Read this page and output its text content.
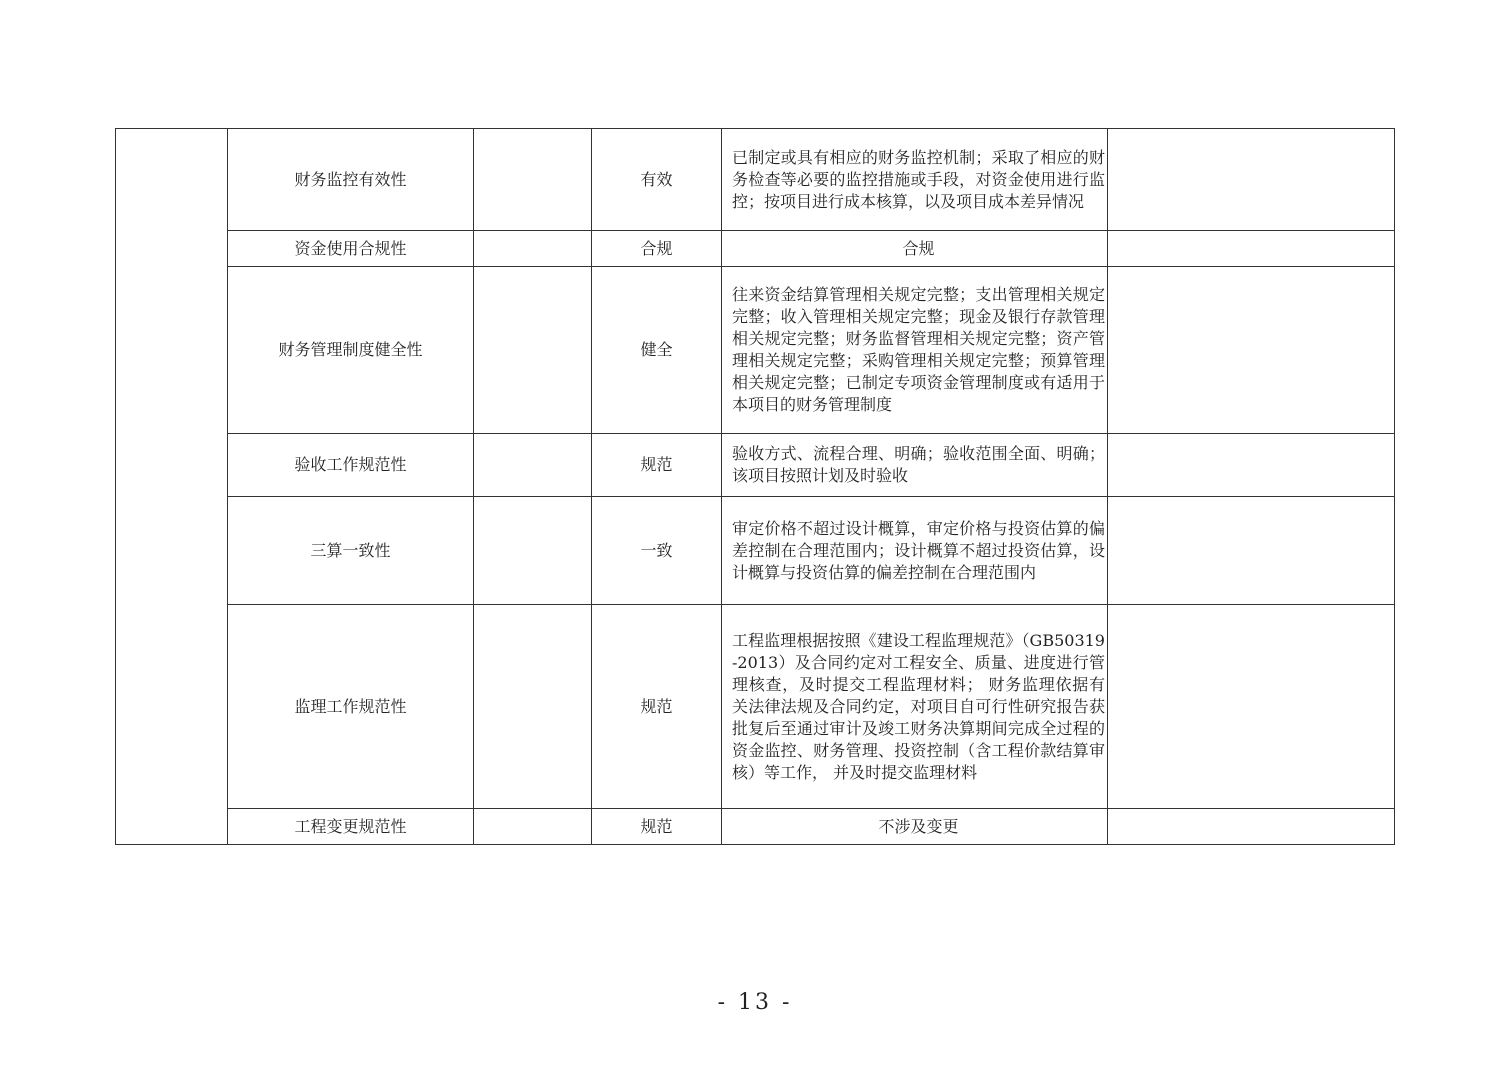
	财务监控有效性		有效	已制定或具有相应的财务监控机制；采取了相应的财务检查等必要的监控措施或手段，对资金使用进行监控；按项目进行成本核算，以及项目成本差异情况	
	资金使用合规性		合规	合规	
	财务管理制度健全性		健全	往来资金结算管理相关规定完整；支出管理相关规定完整；收入管理相关规定完整；现金及银行存款管理相关规定完整；财务监督管理相关规定完整；资产管理相关规定完整；采购管理相关规定完整；预算管理相关规定完整；已制定专项资金管理制度或有适用于本项目的财务管理制度	
	验收工作规范性		规范	验收方式、流程合理、明确；验收范围全面、明确；该项目按照计划及时验收	
	三算一致性		一致	审定价格不超过设计概算，审定价格与投资估算的偏差控制在合理范围内；设计概算不超过投资估算，设计概算与投资估算的偏差控制在合理范围内	
	监理工作规范性		规范	工程监理根据按照《建设工程监理规范》（GB50319-2013）及合同约定对工程安全、质量、进度进行管理核查，及时提交工程监理材料； 财务监理依据有关法律法规及合同约定，对项目自可行性研究报告获批复后至通过审计及竣工财务决算期间完成全过程的资金监控、财务管理、投资控制（含工程价款结算审核）等工作， 并及时提交监理材料	
	工程变更规范性		规范	不涉及变更	
- 13 -
